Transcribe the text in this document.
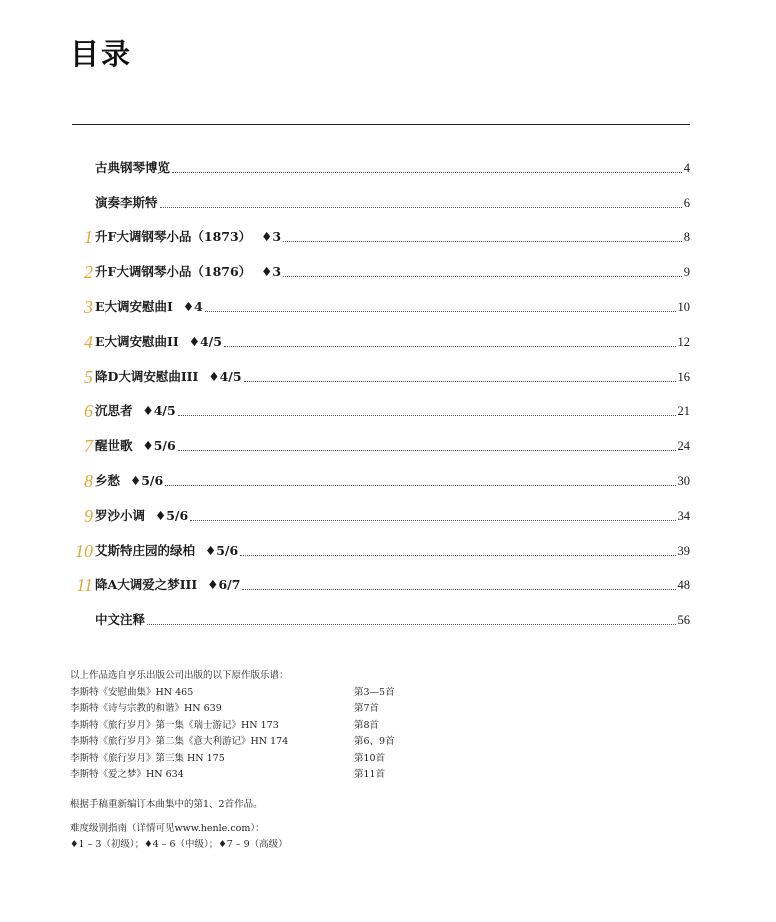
目录
古典钢琴博览	4
演奏李斯特	6
1 升F大调钢琴小品（1873） ♦3	8
2 升F大调钢琴小品（1876） ♦3	9
3 E大调安慰曲I ♦4	10
4 E大调安慰曲II ♦4/5	12
5 降D大调安慰曲III ♦4/5	16
6 沉思者 ♦4/5	21
7 醒世歌 ♦5/6	24
8 乡愁 ♦5/6	30
9 罗沙小调 ♦5/6	34
10 艾斯特庄园的绿柏 ♦5/6	39
11 降A大调爱之梦III ♦6/7	48
中文注释	56
以上作品选自亨乐出版公司出版的以下原作版乐谱：
李斯特《安慰曲集》HN 465	第3—5首
李斯特《诗与宗教的和谐》HN 639	第7首
李斯特《旅行岁月》第一集《瑞士游记》HN 173	第8首
李斯特《旅行岁月》第二集《意大利游记》HN 174	第6、9首
李斯特《旅行岁月》第三集 HN 175	第10首
李斯特《爱之梦》HN 634	第11首
根据手稿重新编订本曲集中的第1、2首作品。
难度级别指南（详情可见www.henle.com）：
♦1 – 3（初级）；♦4 – 6（中级）；♦7 – 9（高级）
